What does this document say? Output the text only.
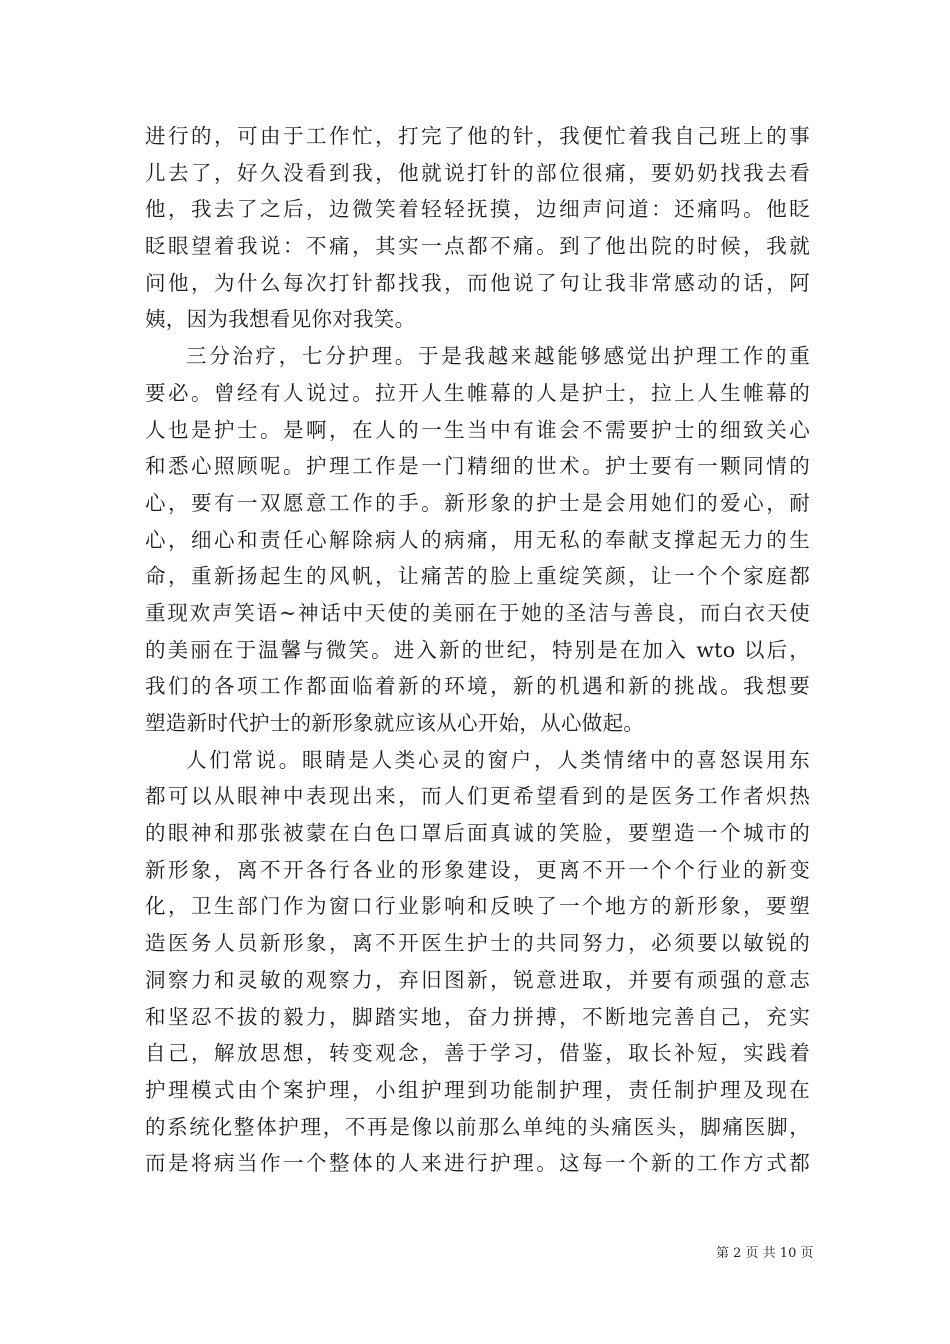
进行的，可由于工作忙，打完了他的针，我便忙着我自己班上的事
儿去了，好久没看到我，他就说打针的部位很痛，要奶奶找我去看
他，我去了之后，边微笑着轻轻抚摸，边细声问道：还痛吗。他眨
眨眼望着我说：不痛，其实一点都不痛。到了他出院的时候，我就
问他，为什么每次打针都找我，而他说了句让我非常感动的话，阿
姨，因为我想看见你对我笑。
三分治疗，七分护理。于是我越来越能够感觉出护理工作的重
要必。曾经有人说过。拉开人生帷幕的人是护士，拉上人生帷幕的
人也是护士。是啊，在人的一生当中有谁会不需要护士的细致关心
和悉心照顾呢。护理工作是一门精细的世术。护士要有一颗同情的
心，要有一双愿意工作的手。新形象的护士是会用她们的爱心，耐
心，细心和责任心解除病人的病痛，用无私的奉献支撑起无力的生
命，重新扬起生的风帆，让痛苦的脸上重绽笑颜，让一个个家庭都
重现欢声笑语~神话中天使的美丽在于她的圣洁与善良，而白衣天使
的美丽在于温馨与微笑。进入新的世纪，特别是在加入 wto 以后，
我们的各项工作都面临着新的环境，新的机遇和新的挑战。我想要
塑造新时代护士的新形象就应该从心开始，从心做起。
人们常说。眼睛是人类心灵的窗户，人类情绪中的喜怒误用东
都可以从眼神中表现出来，而人们更希望看到的是医务工作者炽热
的眼神和那张被蒙在白色口罩后面真诚的笑脸，要塑造一个城市的
新形象，离不开各行各业的形象建设，更离不开一个个行业的新变
化，卫生部门作为窗口行业影响和反映了一个地方的新形象，要塑
造医务人员新形象，离不开医生护士的共同努力，必须要以敏锐的
洞察力和灵敏的观察力，弃旧图新，锐意进取，并要有顽强的意志
和坚忍不拔的毅力，脚踏实地，奋力拼搏，不断地完善自己，充实
自己，解放思想，转变观念，善于学习，借鉴，取长补短，实践着
护理模式由个案护理，小组护理到功能制护理，责任制护理及现在
的系统化整体护理，不再是像以前那么单纯的头痛医头，脚痛医脚，
而是将病当作一个整体的人来进行护理。这每一个新的工作方式都
第 2 页 共 10 页
